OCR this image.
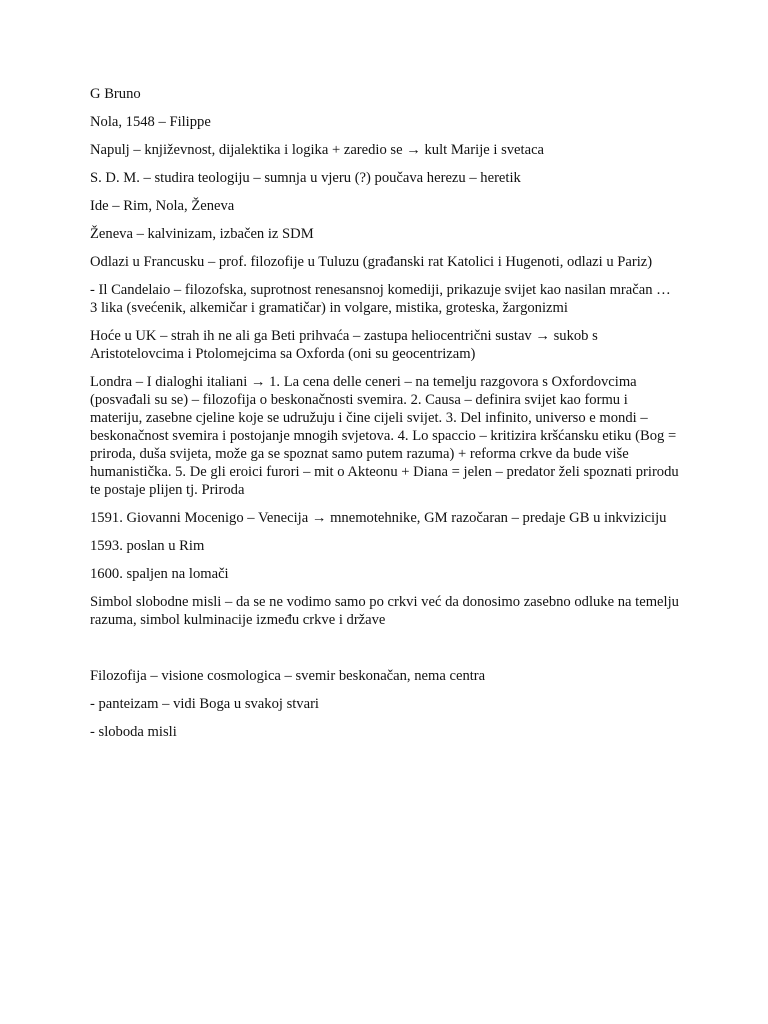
G Bruno

Nola, 1548 – Filippe

Napulj – književnost, dijalektika i logika + zaredio se → kult Marije i svetaca

S. D. M. – studira teologiju – sumnja u vjeru (?) poučava herezu – heretik

Ide – Rim, Nola, Ženeva

Ženeva – kalvinizam, izbačen iz SDM

Odlazi u Francusku – prof. filozofije u Tuluzu (građanski rat Katolici i Hugenoti, odlazi u Pariz)

- Il Candelaio – filozofska, suprotnost renesansnoj komediji, prikazuje svijet kao nasilan mračan … 3 lika (svećenik, alkemičar i gramatičar) in volgare, mistika, groteska, žargonizmi

Hoće u UK – strah ih ne ali ga Beti prihvaća – zastupa heliocentrični sustav → sukob s Aristotelovcima i Ptolomejcima sa Oxforda (oni su geocentrizam)

Londra – I dialoghi italiani → 1. La cena delle ceneri – na temelju razgovora s Oxfordovcima (posvađali su se) – filozofija o beskonačnosti svemira. 2. Causa – definira svijet kao formu i materiju, zasebne cjeline koje se udružuju i čine cijeli svijet. 3. Del infinito, universo e mondi – beskonačnost svemira i postojanje mnogih svjetova. 4. Lo spaccio – kritizira kršćansku etiku (Bog = priroda, duša svijeta, može ga se spoznat samo putem razuma) + reforma crkve da bude više humanistička. 5. De gli eroici furori – mit o Akteonu + Diana = jelen – predator želi spoznati prirodu te postaje plijen tj. Priroda

1591. Giovanni Mocenigo – Venecija → mnemotehnike, GM razočaran – predaje GB u inkviziciju

1593. poslan u Rim

1600. spaljen na lomači

Simbol slobodne misli – da se ne vodimo samo po crkvi već da donosimo zasebno odluke na temelju razuma, simbol kulminacije između crkve i države

Filozofija – visione cosmologica – svemir beskonačan, nema centra

- panteizam – vidi Boga u svakoj stvari

- sloboda misli
